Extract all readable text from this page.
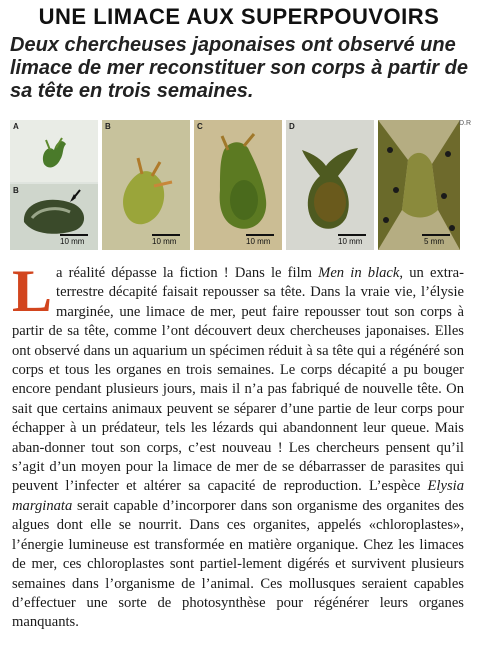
UNE LIMACE AUX SUPERPOUVOIRS
Deux chercheuses japonaises ont observé une limace de mer reconstituer son corps à partir de sa tête en trois semaines.
A
B
10 mm
B
10 mm
C
10 mm
D
10 mm	5 mm
D.R
L a réalité dépasse la fiction ! Dans le film Men in black, un extra-terrestre décapité faisait repousser sa tête. Dans la vraie vie, l’élysie marginée, une limace de mer, peut faire repousser tout son corps à partir de sa tête, comme l’ont découvert deux chercheuses japonaises. Elles ont observé dans un aquarium un spécimen réduit à sa tête qui a régénéré son corps et tous les organes en trois semaines. Le corps décapité a pu bouger encore pendant plusieurs jours, mais il n’a pas fabriqué de nouvelle tête. On sait que certains animaux peuvent se séparer d’une partie de leur corps pour échapper à un prédateur, tels les lézards qui abandonnent leur queue. Mais aban-donner tout son corps, c’est nouveau ! Les chercheurs pensent qu’il s’agit d’un moyen pour la limace de mer de se débarrasser de parasites qui peuvent l’infecter et altérer sa capacité de reproduction. L’espèce Elysia marginata serait capable d’incorporer dans son organisme des organites des algues dont elle se nourrit. Dans ces organites, appelés «chloroplastes», l’énergie lumineuse est transformée en matière organique. Chez les limaces de mer, ces chloroplastes sont partiel-lement digérés et survivent plusieurs semaines dans l’organisme de l’animal. Ces mollusques seraient capables d’effectuer une sorte de photosynthèse pour régénérer leurs organes manquants.
